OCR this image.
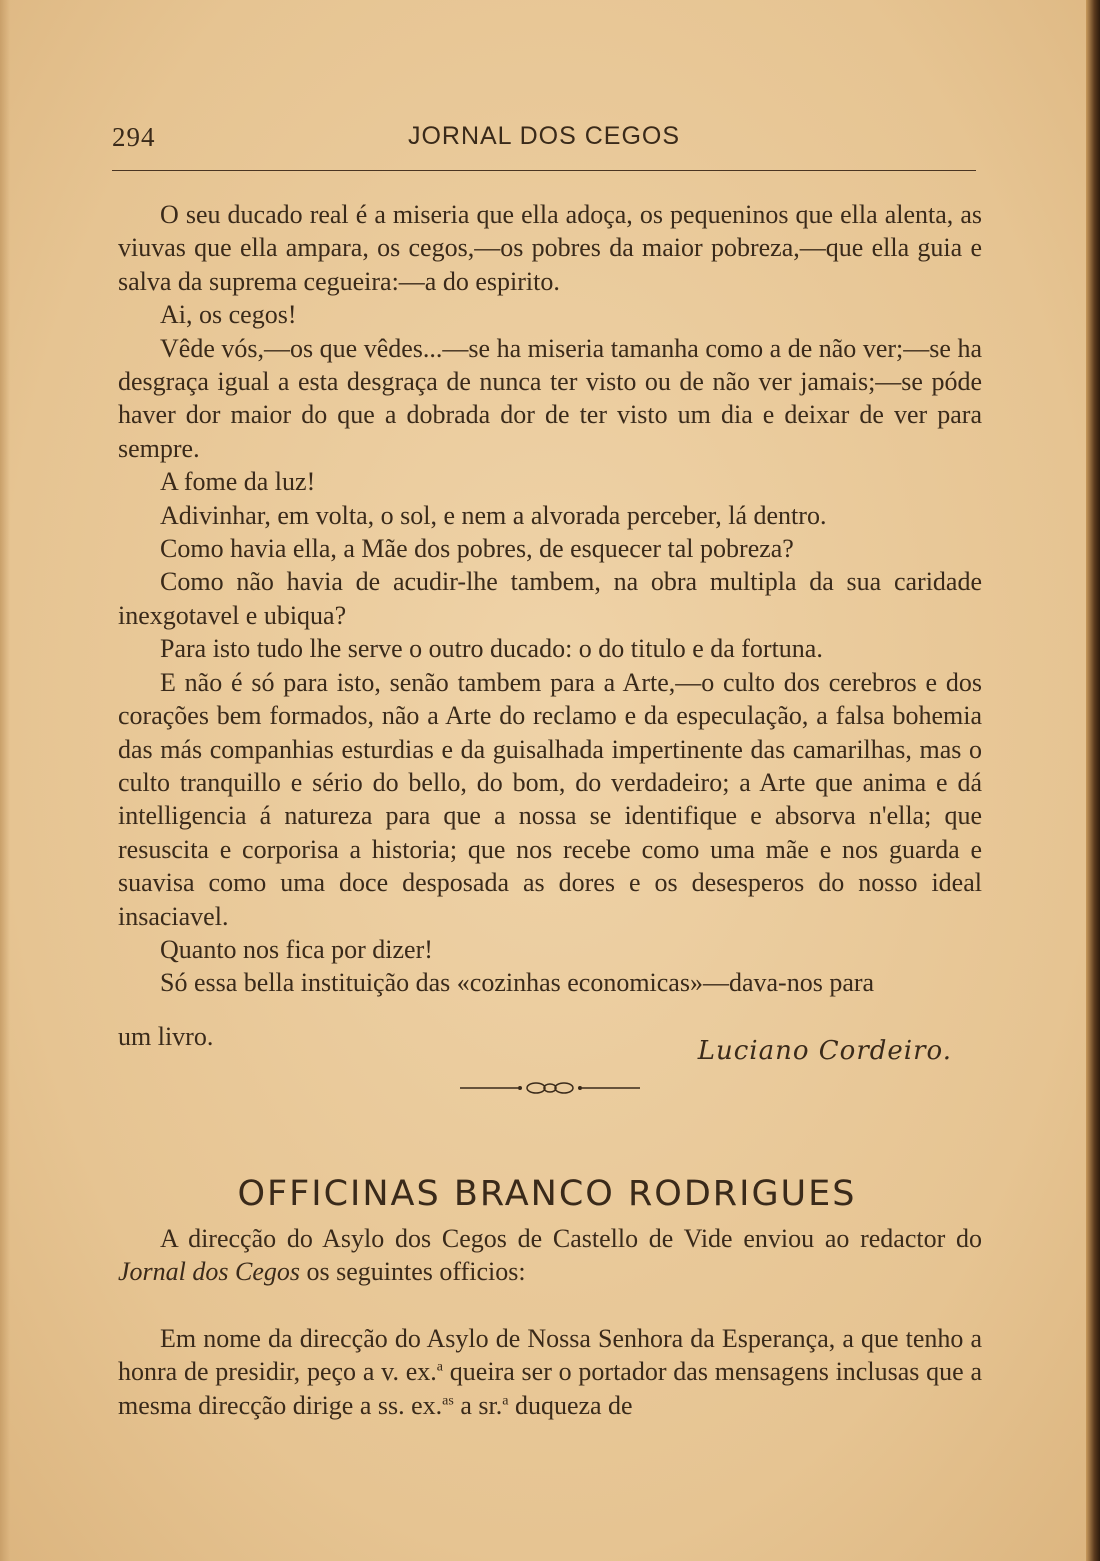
294	JORNAL DOS CEGOS

O seu ducado real é a miseria que ella adoça, os pequeninos que ella alenta, as viuvas que ella ampara, os cegos,—os pobres da maior pobreza,—que ella guia e salva da suprema cegueira:—a do espirito.

Ai, os cegos!

Vêde vós,—os que vêdes...—se ha miseria tamanha como a de não ver;—se ha desgraça igual a esta desgraça de nunca ter visto ou de não ver jamais;—se póde haver dor maior do que a dobrada dor de ter visto um dia e deixar de ver para sempre.

A fome da luz!

Adivinhar, em volta, o sol, e nem a alvorada perceber, lá dentro.

Como havia ella, a Mãe dos pobres, de esquecer tal pobreza?

Como não havia de acudir-lhe tambem, na obra multipla da sua caridade inexgotavel e ubiqua?

Para isto tudo lhe serve o outro ducado: o do titulo e da fortuna.

E não é só para isto, senão tambem para a Arte,—o culto dos cerebros e dos corações bem formados, não a Arte do reclamo e da especulação, a falsa bohemia das más companhias esturdias e da guisalhada impertinente das camarilhas, mas o culto tranquillo e sério do bello, do bom, do verdadeiro; a Arte que anima e dá intelligencia á natureza para que a nossa se identifique e absorva n'ella; que resuscita e corporisa a historia; que nos recebe como uma mãe e nos guarda e suavisa como uma doce desposada as dores e os desesperos do nosso ideal insaciavel.

Quanto nos fica por dizer!

Só essa bella instituição das «cozinhas economicas»—dava-nos para

um livro.	Luciano Cordeiro.
OFFICINAS BRANCO RODRIGUES

A direcção do Asylo dos Cegos de Castello de Vide enviou ao redactor do Jornal dos Cegos os seguintes officios:

Em nome da direcção do Asylo de Nossa Senhora da Esperança, a que tenho a honra de presidir, peço a v. ex.$^a$ queira ser o portador das mensagens inclusas que a mesma direcção dirige a ss. ex.$^{as}$ a sr.$^a$ duqueza de
